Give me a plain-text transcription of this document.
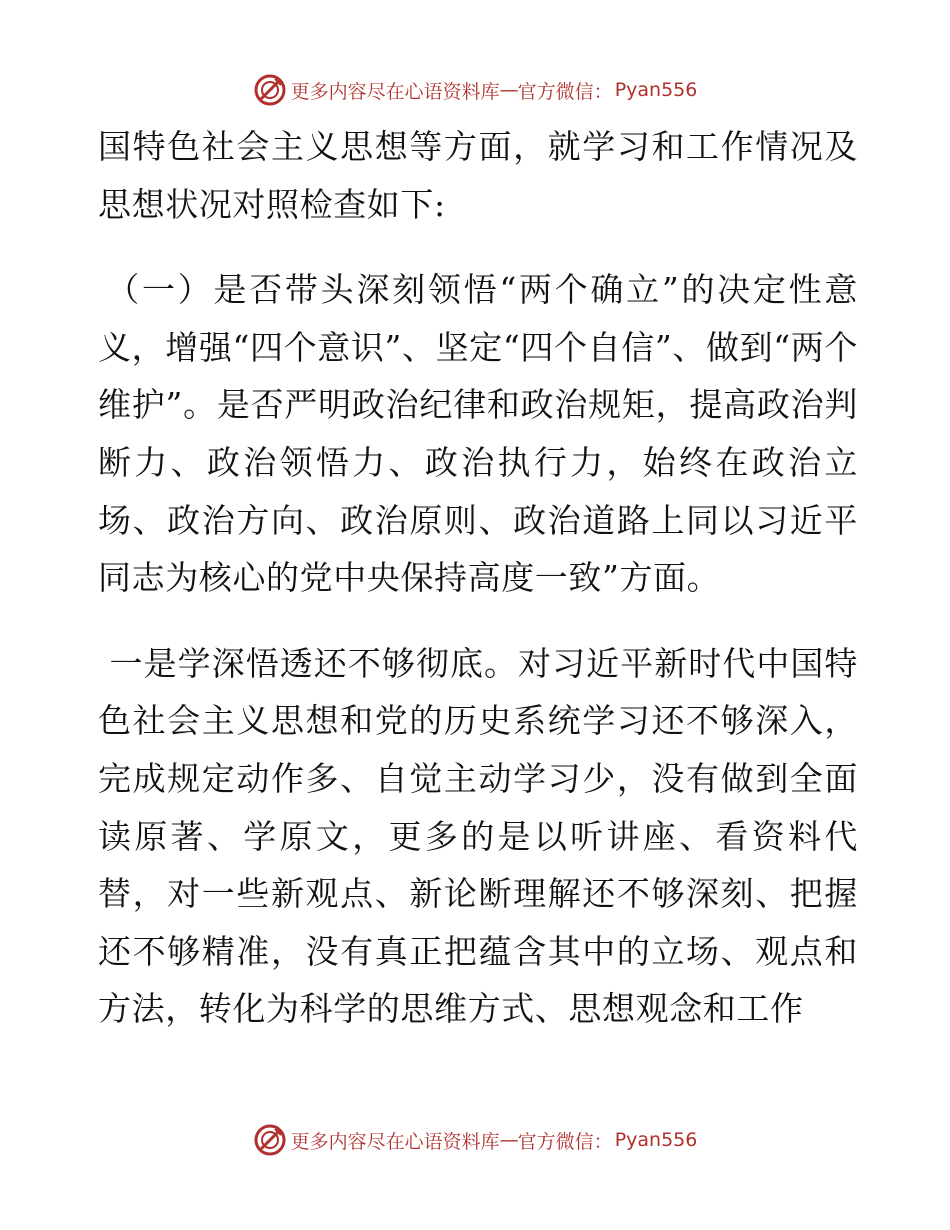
更多内容尽在心语资料库 — 官方微信： Pyan556

国特色社会主义思想等方面，就学习和工作情况及思想状况对照检查如下:

（一）是否带头深刻领悟“两个确立”的决定性意义，增强“四个意识”、坚定“四个自信”、做到“两个维护”。是否严明政治纪律和政治规矩，提高政治判断力、政治领悟力、政治执行力，始终在政治立场、政治方向、政治原则、政治道路上同以习近平同志为核心的党中央保持高度一致”方面。

一是学深悟透还不够彻底。对习近平新时代中国特色社会主义思想和党的历史系统学习还不够深入，完成规定动作多、自觉主动学习少，没有做到全面读原著、学原文，更多的是以听讲座、看资料代替，对一些新观点、新论断理解还不够深刻、把握还不够精准，没有真正把蕴含其中的立场、观点和方法，转化为科学的思维方式、思想观念和工作

更多内容尽在心语资料库 — 官方微信： Pyan556
